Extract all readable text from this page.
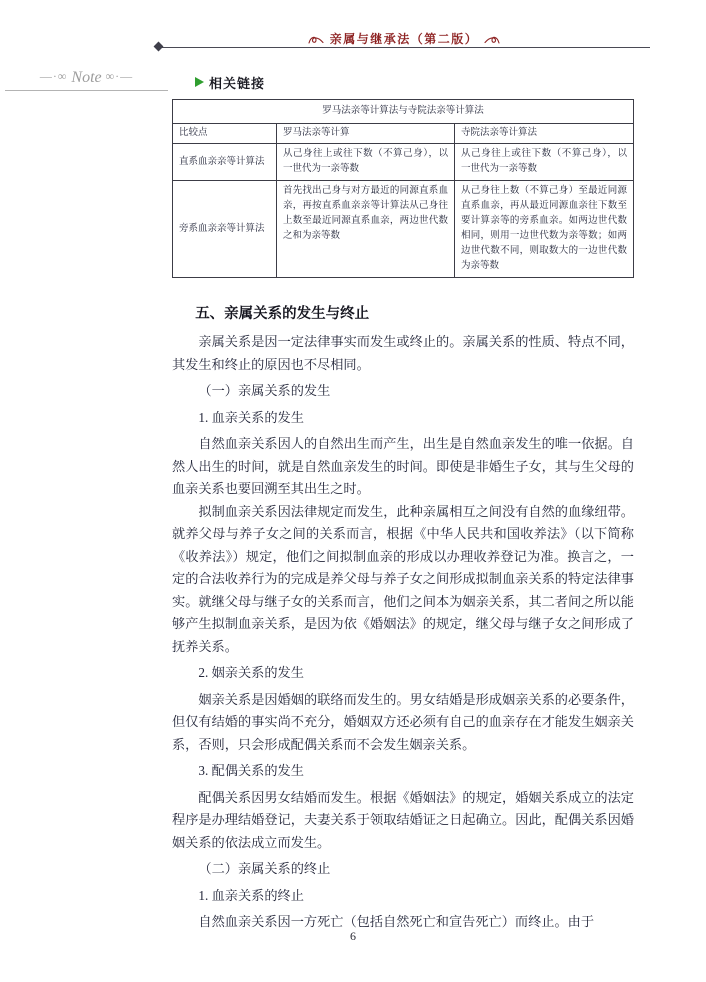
亲属与继承法（第二版）
—·∞ Note ∞·—	相关链接
罗马法亲等计算法与寺院法亲等计算法		
比较点	罗马法亲等计算	寺院法亲等计算法
直系血亲亲等计算法	从己身往上或往下数（不算己身），以一世代为一亲等数	从己身往上或往下数（不算己身），以一世代为一亲等数
旁系血亲亲等计算法	首先找出己身与对方最近的同源直系血亲，再按直系血亲亲等计算法从己身往上数至最近同源直系血亲，两边世代数之和为亲等数	从己身往上数（不算己身）至最近同源直系血亲，再从最近同源血亲往下数至要计算亲等的旁系血亲。如两边世代数相同，则用一边世代数为亲等数；如两边世代数不同，则取数大的一边世代数为亲等数
五、亲属关系的发生与终止

亲属关系是因一定法律事实而发生或终止的。亲属关系的性质、特点不同，其发生和终止的原因也不尽相同。

（一）亲属关系的发生

1. 血亲关系的发生

自然血亲关系因人的自然出生而产生，出生是自然血亲发生的唯一依据。自然人出生的时间，就是自然血亲发生的时间。即使是非婚生子女，其与生父母的血亲关系也要回溯至其出生之时。

拟制血亲关系因法律规定而发生，此种亲属相互之间没有自然的血缘纽带。就养父母与养子女之间的关系而言，根据《中华人民共和国收养法》（以下简称《收养法》）规定，他们之间拟制血亲的形成以办理收养登记为准。换言之，一定的合法收养行为的完成是养父母与养子女之间形成拟制血亲关系的特定法律事实。就继父母与继子女的关系而言，他们之间本为姻亲关系，其二者间之所以能够产生拟制血亲关系，是因为依《婚姻法》的规定，继父母与继子女之间形成了抚养关系。

2. 姻亲关系的发生

姻亲关系是因婚姻的联络而发生的。男女结婚是形成姻亲关系的必要条件，但仅有结婚的事实尚不充分，婚姻双方还必须有自己的血亲存在才能发生姻亲关系，否则，只会形成配偶关系而不会发生姻亲关系。

3. 配偶关系的发生

配偶关系因男女结婚而发生。根据《婚姻法》的规定，婚姻关系成立的法定程序是办理结婚登记，夫妻关系于领取结婚证之日起确立。因此，配偶关系因婚姻关系的依法成立而发生。

（二）亲属关系的终止

1. 血亲关系的终止

自然血亲关系因一方死亡（包括自然死亡和宣告死亡）而终止。由于

6
